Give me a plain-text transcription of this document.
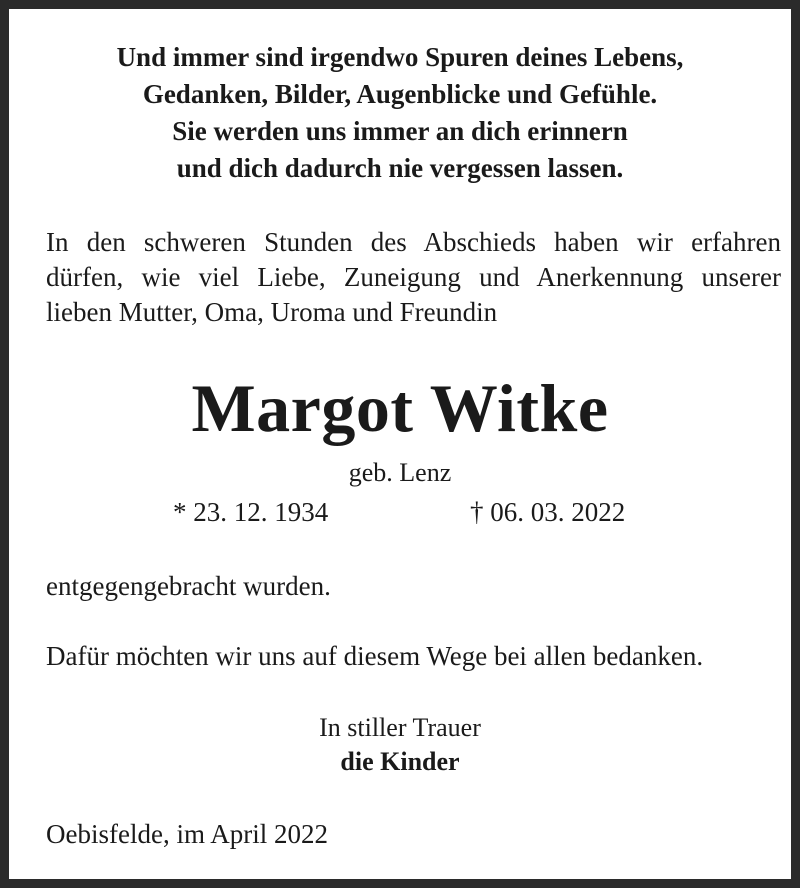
Und immer sind irgendwo Spuren deines Lebens,
Gedanken, Bilder, Augenblicke und Gefühle.
Sie werden uns immer an dich erinnern
und dich dadurch nie vergessen lassen.
In den schweren Stunden des Abschieds haben wir erfahren
dürfen, wie viel Liebe, Zuneigung und Anerkennung unserer
lieben Mutter, Oma, Uroma und Freundin
Margot Witke
geb. Lenz
* 23. 12. 1934	† 06. 03. 2022
entgegengebracht wurden.
Dafür möchten wir uns auf diesem Wege bei allen bedanken.
In stiller Trauer
die Kinder
Oebisfelde, im April 2022
